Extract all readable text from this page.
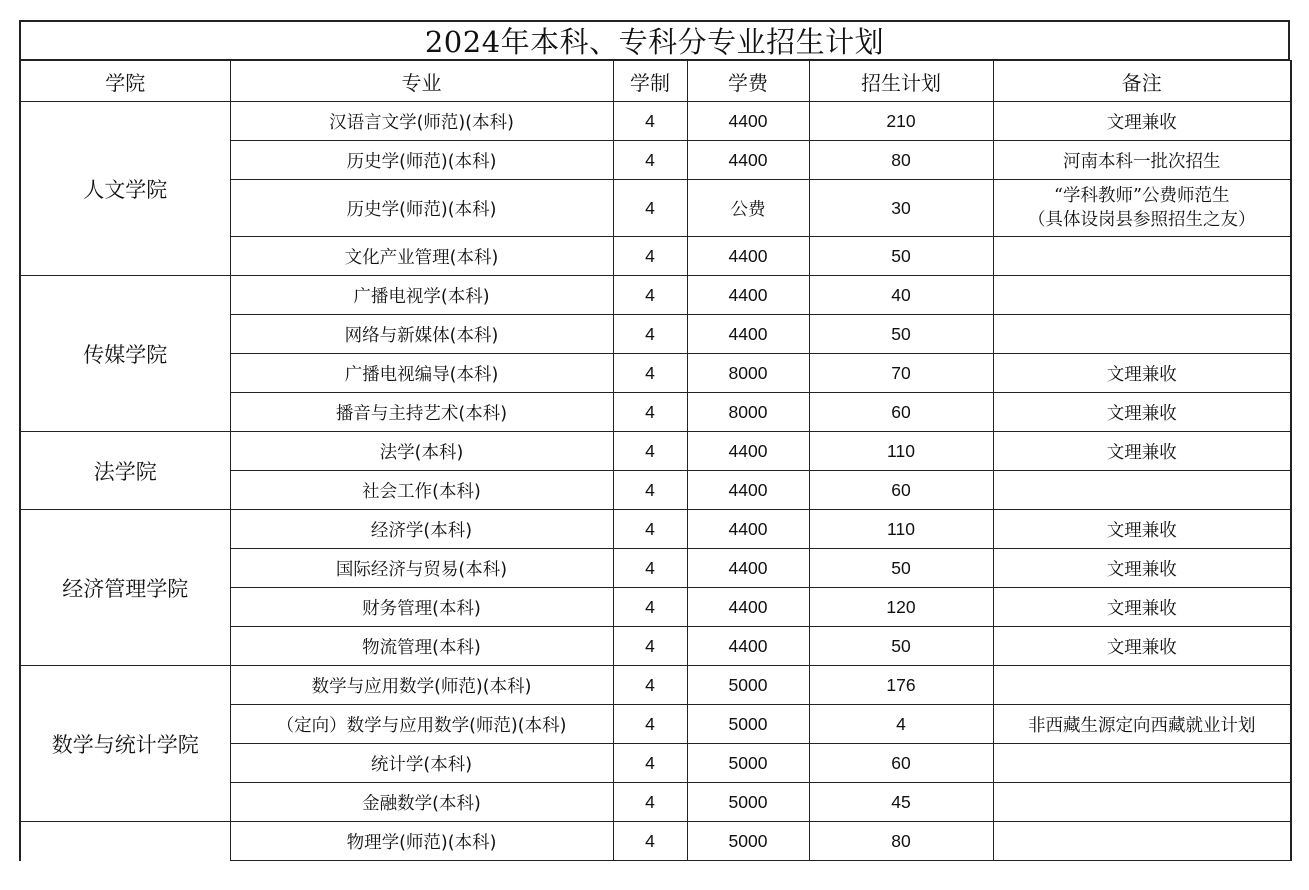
2024年本科、专科分专业招生计划
学院	专业	学制	学费	招生计划	备注
人文学院	汉语言文学(师范)(本科)	4	4400	210	文理兼收
	历史学(师范)(本科)	4	4400	80	河南本科一批次招生
	历史学(师范)(本科)	4	公费	30	“学科教师”公费师范生
（具体设岗县参照招生之友）

	文化产业管理(本科)	4	4400	50	
传媒学院	广播电视学(本科)	4	4400	40	
	网络与新媒体(本科)	4	4400	50	
	广播电视编导(本科)	4	8000	70	文理兼收
	播音与主持艺术(本科)	4	8000	60	文理兼收
法学院	法学(本科)	4	4400	110	文理兼收
	社会工作(本科)	4	4400	60	
经济管理学院	经济学(本科)	4	4400	110	文理兼收
	国际经济与贸易(本科)	4	4400	50	文理兼收
	财务管理(本科)	4	4400	120	文理兼收
	物流管理(本科)	4	4400	50	文理兼收
数学与统计学院	数学与应用数学(师范)(本科)	4	5000	176	
	（定向）数学与应用数学(师范)(本科)	4	5000	4	非西藏生源定向西藏就业计划
	统计学(本科)	4	5000	60	
	金融数学(本科)	4	5000	45	
	物理学(师范)(本科)	4	5000	80	
